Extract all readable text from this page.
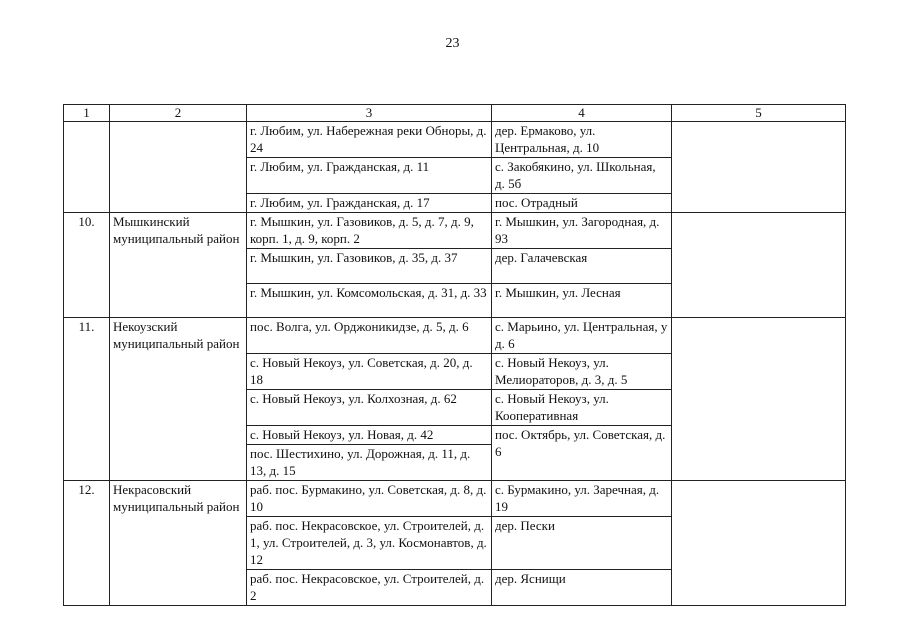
23
1	2	3	4	5
		г. Любим, ул. Набережная реки Обноры, д. 24	дер. Ермаково, ул. Центральная, д. 10	
		г. Любим, ул. Гражданская, д. 11	с. Закобякино, ул. Школьная, д. 5б	
		г. Любим, ул. Гражданская, д. 17	пос. Отрадный	
10.	Мышкинский муниципальный район	г. Мышкин, ул. Газовиков, д. 5, д. 7, д. 9, корп. 1, д. 9, корп. 2	г. Мышкин, ул. Загородная, д. 93	
		г. Мышкин, ул. Газовиков, д. 35, д. 37	дер. Галачевская	
		г. Мышкин, ул. Комсомольская, д. 31, д. 33	г. Мышкин, ул. Лесная	
11.	Некоузский муниципальный район	пос. Волга, ул. Орджоникидзе, д. 5, д. 6	с. Марьино, ул. Центральная, у д. 6	
		с. Новый Некоуз, ул. Советская, д. 20, д. 18	с. Новый Некоуз, ул. Мелиораторов, д. 3, д. 5	
		с. Новый Некоуз, ул. Колхозная, д. 62	с. Новый Некоуз, ул. Кооперативная	
		с. Новый Некоуз, ул. Новая, д. 42	пос. Октябрь, ул. Советская, д. 6	
		пос. Шестихино, ул. Дорожная, д. 11, д. 13, д. 15		
12.	Некрасовский муниципальный район	раб. пос. Бурмакино, ул. Советская, д. 8, д. 10	с. Бурмакино, ул. Заречная, д. 19	
		раб. пос. Некрасовское, ул. Строителей, д. 1, ул. Строителей, д. 3, ул. Космонавтов, д. 12	дер. Пески	
		раб. пос. Некрасовское, ул. Строителей, д. 2	дер. Яснищи	
